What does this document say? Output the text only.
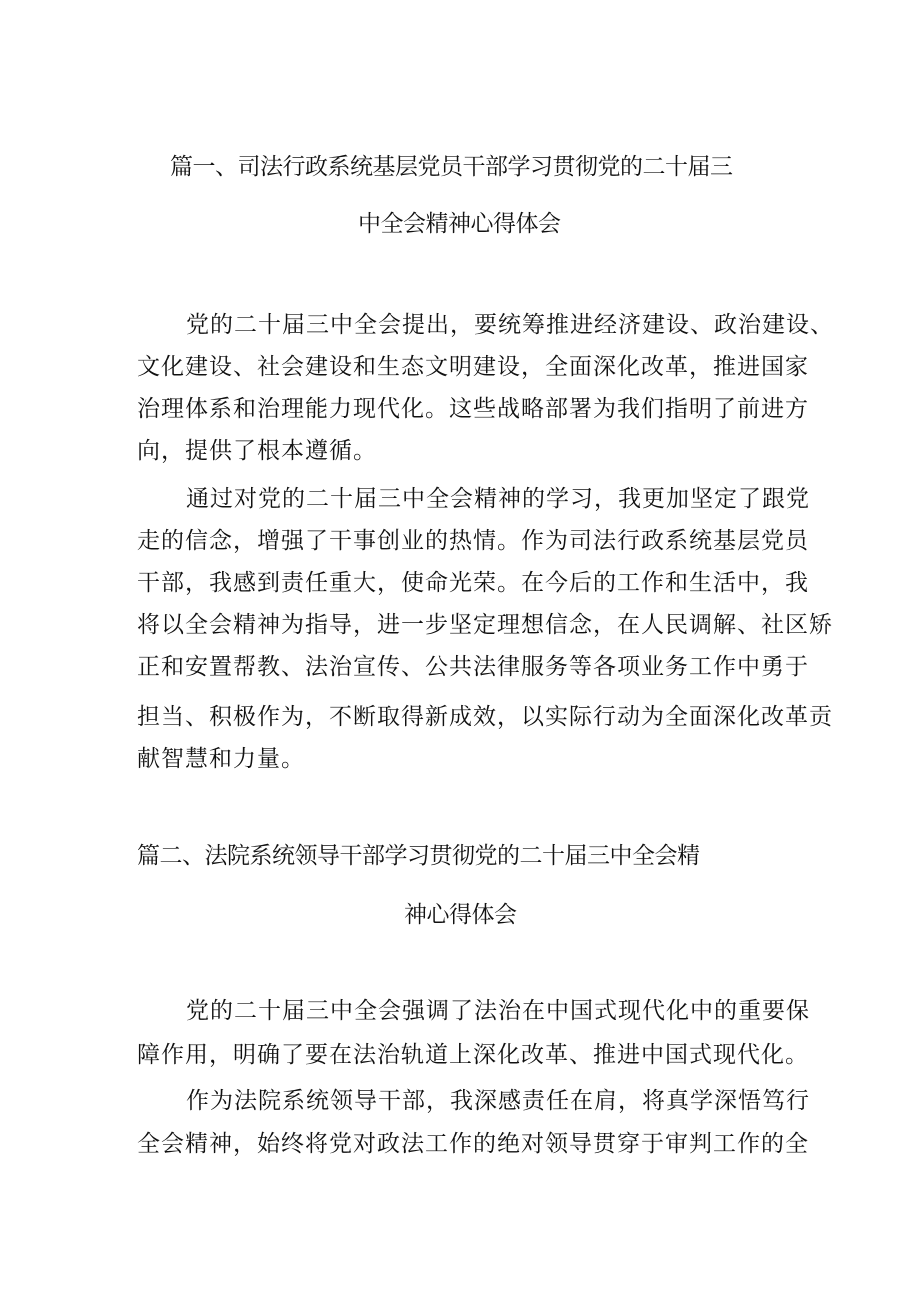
篇一、司法行政系统基层党员干部学习贯彻党的二十届三
中全会精神心得体会
党的二十届三中全会提出，要统筹推进经济建设、政治建设、
文化建设、社会建设和生态文明建设，全面深化改革，推进国家
治理体系和治理能力现代化。这些战略部署为我们指明了前进方
向，提供了根本遵循。
通过对党的二十届三中全会精神的学习，我更加坚定了跟党
走的信念，增强了干事创业的热情。作为司法行政系统基层党员
干部，我感到责任重大，使命光荣。在今后的工作和生活中，我
将以全会精神为指导，进一步坚定理想信念，在人民调解、社区矫
正和安置帮教、法治宣传、公共法律服务等各项业务工作中勇于
担当、积极作为，不断取得新成效，以实际行动为全面深化改革贡
献智慧和力量。
篇二、法院系统领导干部学习贯彻党的二十届三中全会精
神心得体会
党的二十届三中全会强调了法治在中国式现代化中的重要保
障作用，明确了要在法治轨道上深化改革、推进中国式现代化。
作为法院系统领导干部，我深感责任在肩，将真学深悟笃行
全会精神，始终将党对政法工作的绝对领导贯穿于审判工作的全
